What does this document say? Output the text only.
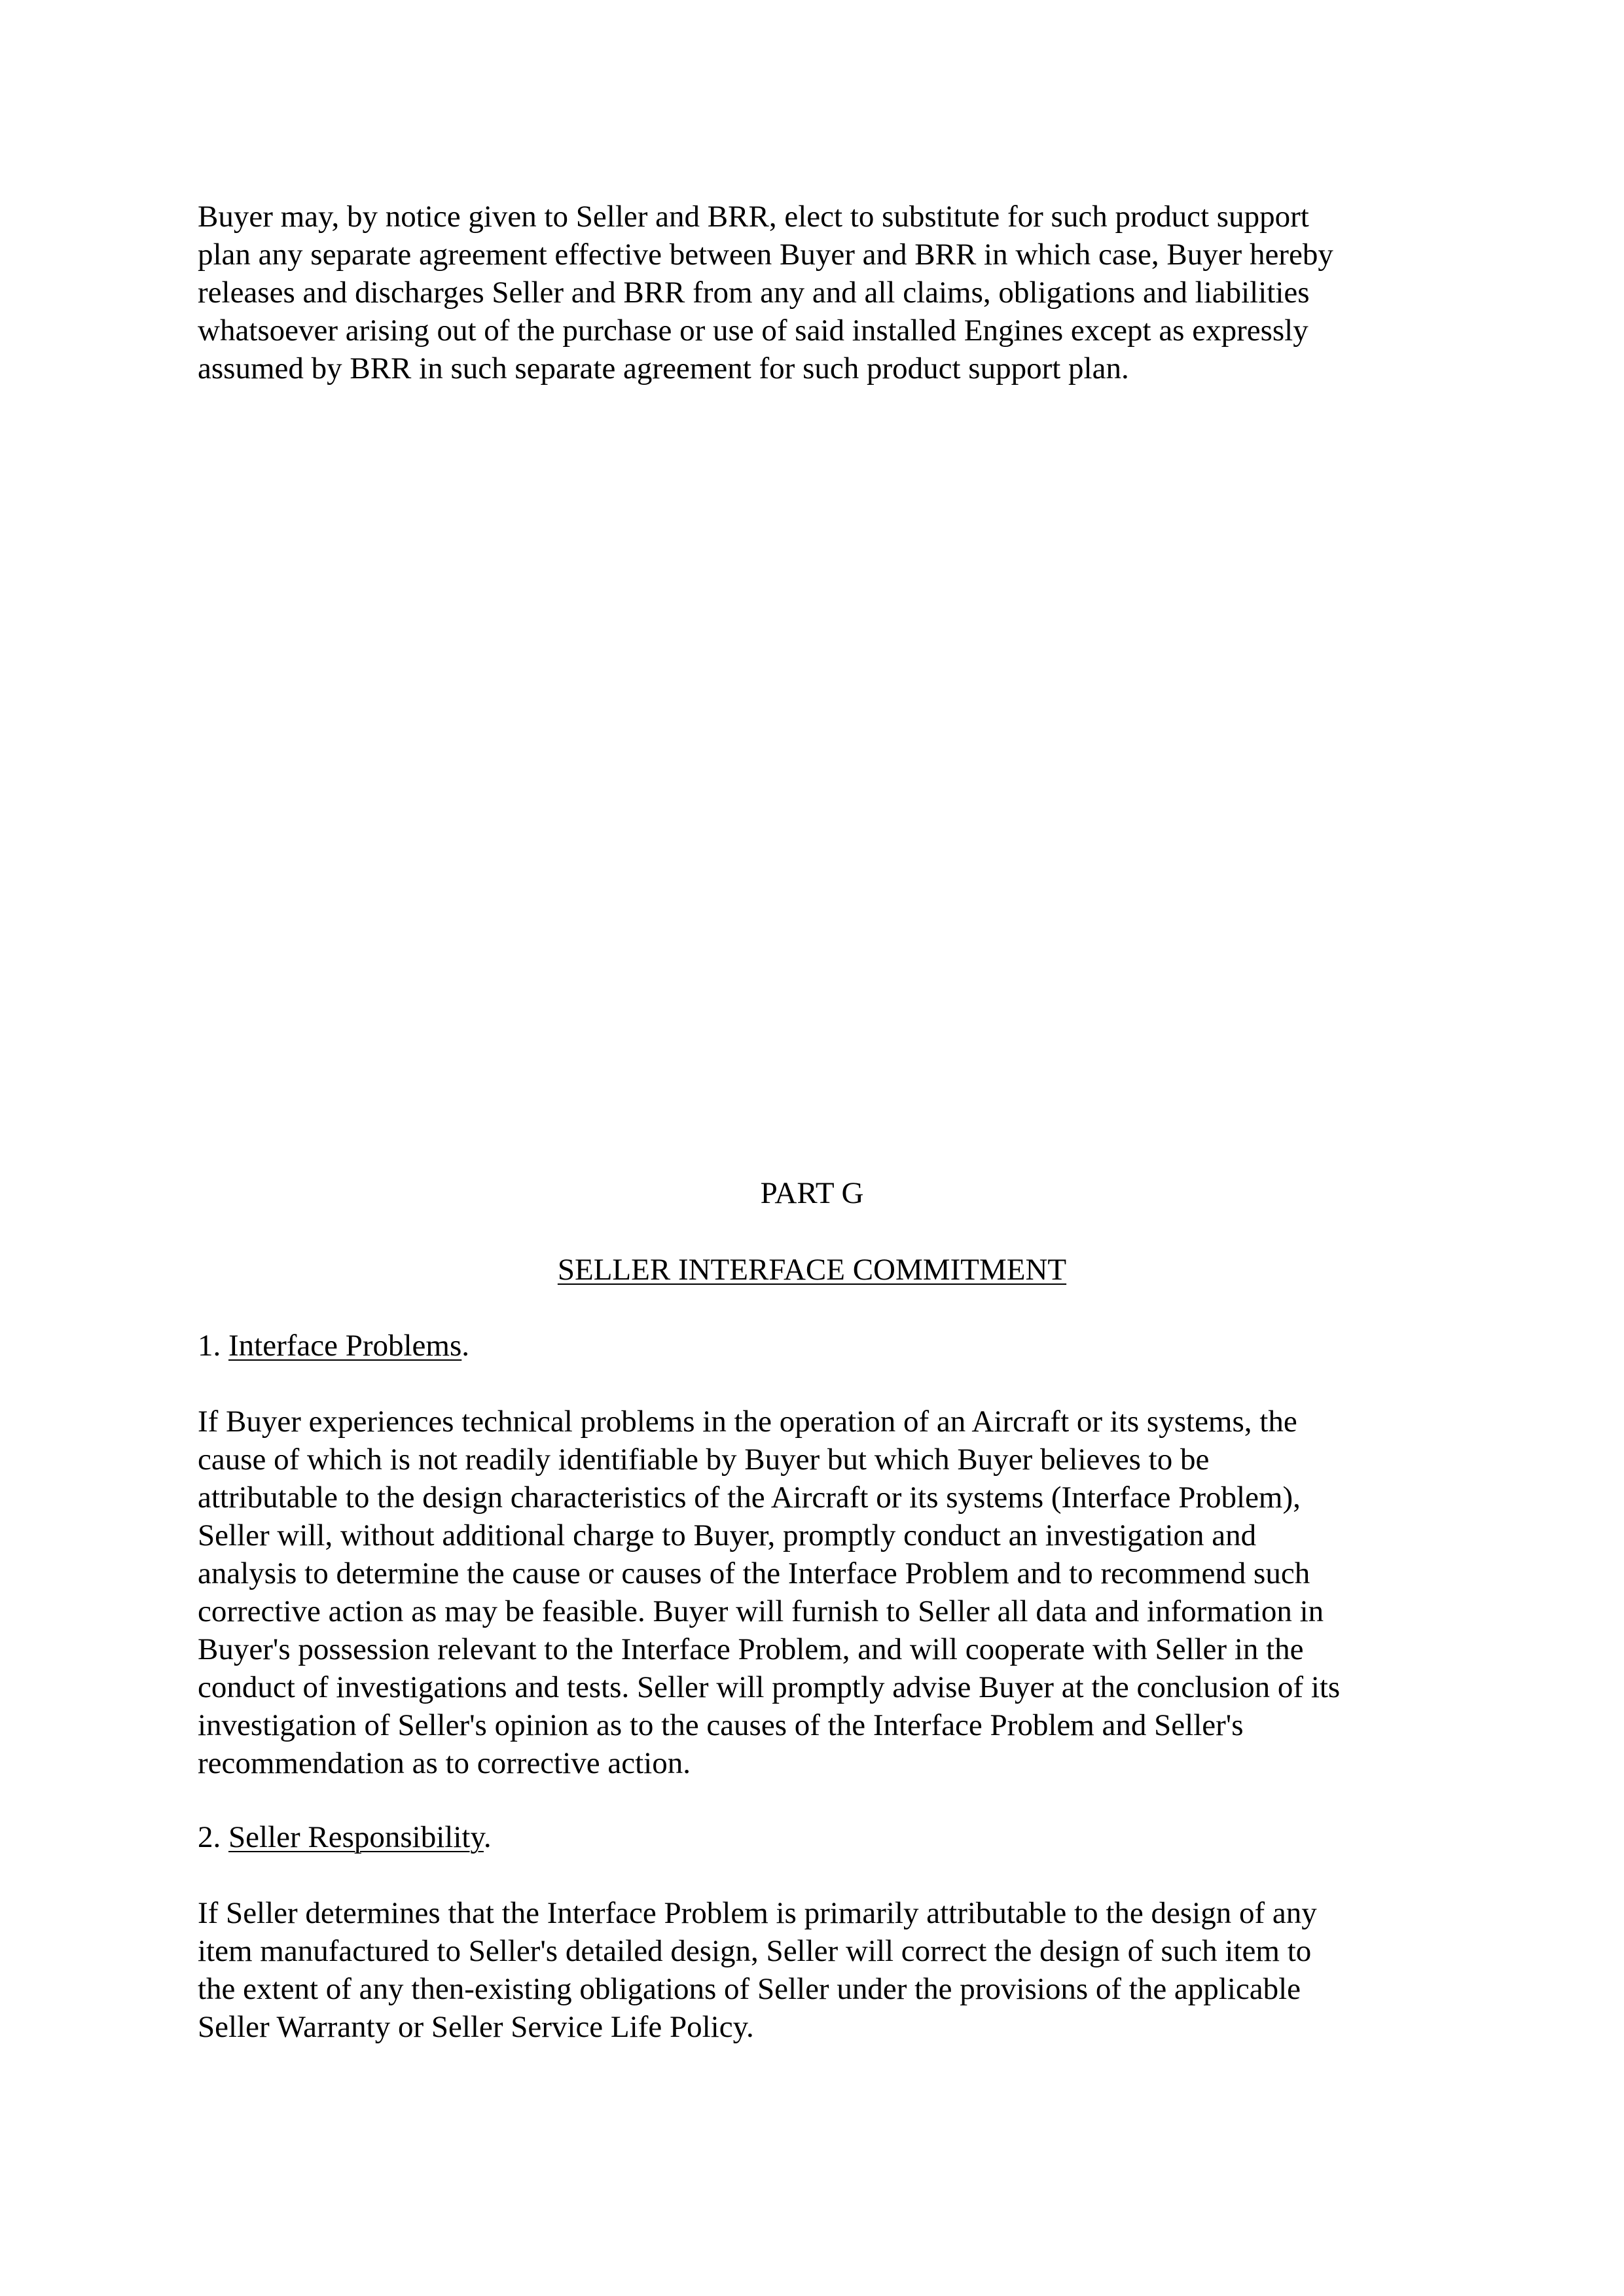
Buyer may, by notice given to Seller and BRR, elect to substitute for such product support
plan any separate agreement effective between Buyer and BRR in which case, Buyer hereby
releases and discharges Seller and BRR from any and all claims, obligations and liabilities
whatsoever arising out of the purchase or use of said installed Engines except as expressly
assumed by BRR in such separate agreement for such product support plan.
PART G
SELLER INTERFACE COMMITMENT
1. Interface Problems.
If Buyer experiences technical problems in the operation of an Aircraft or its systems, the
cause of which is not readily identifiable by Buyer but which Buyer believes to be
attributable to the design characteristics of the Aircraft or its systems (Interface Problem),
Seller will, without additional charge to Buyer, promptly conduct an investigation and
analysis to determine the cause or causes of the Interface Problem and to recommend such
corrective action as may be feasible. Buyer will furnish to Seller all data and information in
Buyer's possession relevant to the Interface Problem, and will cooperate with Seller in the
conduct of investigations and tests. Seller will promptly advise Buyer at the conclusion of its
investigation of Seller's opinion as to the causes of the Interface Problem and Seller's
recommendation as to corrective action.
2. Seller Responsibility.
If Seller determines that the Interface Problem is primarily attributable to the design of any
item manufactured to Seller's detailed design, Seller will correct the design of such item to
the extent of any then-existing obligations of Seller under the provisions of the applicable
Seller Warranty or Seller Service Life Policy.
